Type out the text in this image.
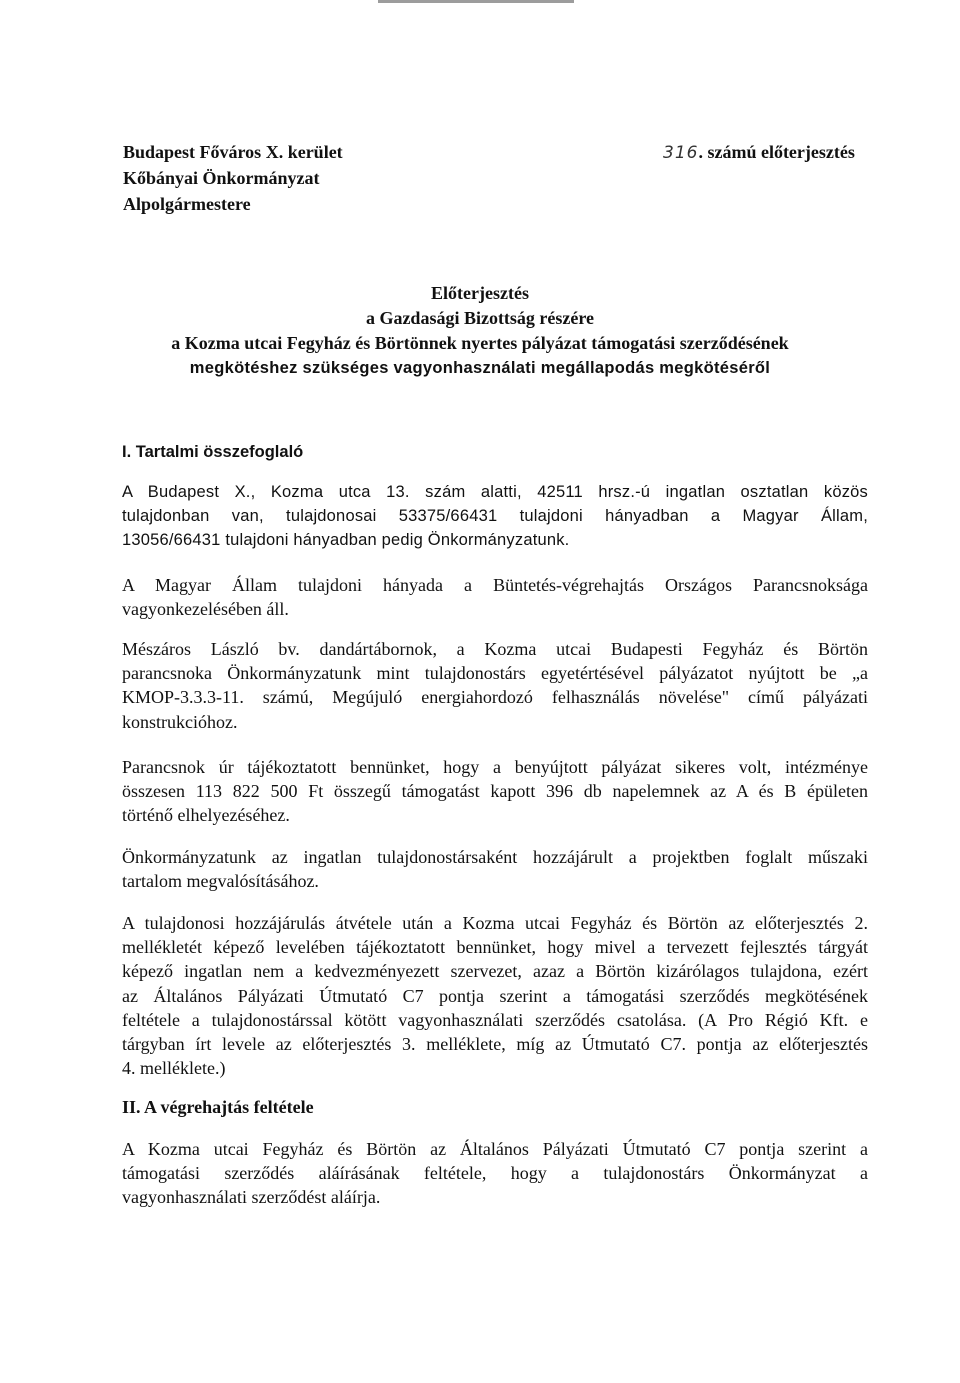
Budapest Főváros X. kerület
Kőbányai Önkormányzat
Alpolgármestere
316. számú előterjesztés
Előterjesztés
a Gazdasági Bizottság részére
a Kozma utcai Fegyház és Börtönnek nyertes pályázat támogatási szerződésének
megkötéshez szükséges vagyonhasználati megállapodás megkötéséről
I. Tartalmi összefoglaló
A Budapest X., Kozma utca 13. szám alatti, 42511 hrsz.-ú ingatlan osztatlan közös
tulajdonban van, tulajdonosai 53375/66431 tulajdoni hányadban a Magyar Állam,
13056/66431 tulajdoni hányadban pedig Önkormányzatunk.
A Magyar Állam tulajdoni hányada a Büntetés-végrehajtás Országos Parancsnoksága
vagyonkezelésében áll.
Mészáros László bv. dandártábornok, a Kozma utcai Budapesti Fegyház és Börtön
parancsnoka Önkormányzatunk mint tulajdonostárs egyetértésével pályázatot nyújtott be „a
KMOP-3.3.3-11. számú, Megújuló energiahordozó felhasználás növelése" című pályázati
konstrukcióhoz.
Parancsnok úr tájékoztatott bennünket, hogy a benyújtott pályázat sikeres volt, intézménye
összesen 113 822 500 Ft összegű támogatást kapott 396 db napelemnek az A és B épületen
történő elhelyezéséhez.
Önkormányzatunk az ingatlan tulajdonostársaként hozzájárult a projektben foglalt műszaki
tartalom megvalósításához.
A tulajdonosi hozzájárulás átvétele után a Kozma utcai Fegyház és Börtön az előterjesztés 2.
mellékletét képező levelében tájékoztatott bennünket, hogy mivel a tervezett fejlesztés tárgyát
képező ingatlan nem a kedvezményezett szervezet, azaz a Börtön kizárólagos tulajdona, ezért
az Általános Pályázati Útmutató C7 pontja szerint a támogatási szerződés megkötésének
feltétele a tulajdonostárssal kötött vagyonhasználati szerződés csatolása. (A Pro Régió Kft. e
tárgyban írt levele az előterjesztés 3. melléklete, míg az Útmutató C7. pontja az előterjesztés
4. melléklete.)
II. A végrehajtás feltétele
A Kozma utcai Fegyház és Börtön az Általános Pályázati Útmutató C7 pontja szerint a
támogatási szerződés aláírásának feltétele, hogy a tulajdonostárs Önkormányzat a
vagyonhasználati szerződést aláírja.
